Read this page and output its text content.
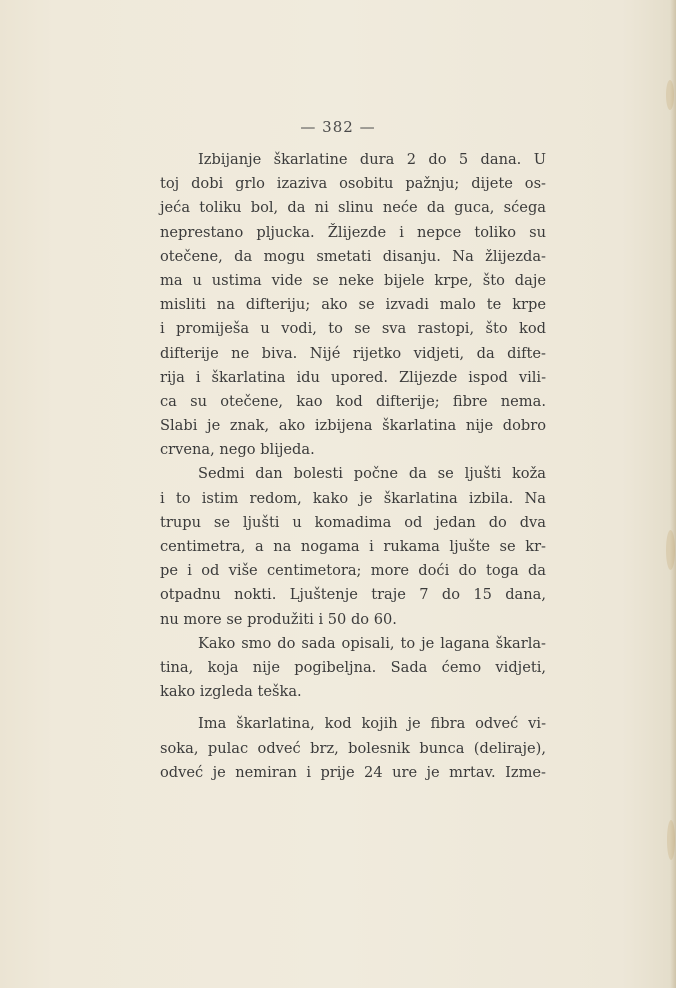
— 382 —
Izbijanje škarlatine dura 2 do 5 dana. U
toj dobi grlo izaziva osobitu pažnju; dijete os-
jeća toliku bol, da ni slinu neće da guca, sćega
neprestano pljucka. Žlijezde i nepce toliko su
otečene, da mogu smetati disanju. Na žlijezda-
ma u ustima vide se neke bijele krpe, što daje
misliti na difteriju; ako se izvadi malo te krpe
i promiješa u vodi, to se sva rastopi, što kod
difterije ne biva. Nijé rijetko vidjeti, da difte-
rija i škarlatina idu upored. Zlijezde ispod vili-
ca su otečene, kao kod difterije; fibre nema.
Slabi je znak, ako izbijena škarlatina nije dobro
crvena, nego blijeda.
Sedmi dan bolesti počne da se ljušti koža
i to istim redom, kako je škarlatina izbila. Na
trupu se ljušti u komadima od jedan do dva
centimetra, a na nogama i rukama ljušte se kr-
pe i od više centimetora; more doći do toga da
otpadnu nokti. Ljuštenje traje 7 do 15 dana,
nu more se produžiti i 50 do 60.
Kako smo do sada opisali, to je lagana škarla-
tina, koja nije pogibeljna. Sada ćemo vidjeti,
kako izgleda teška.
Ima škarlatina, kod kojih je fibra odveć vi-
soka, pulac odveć brz, bolesnik bunca (deliraje),
odveć je nemiran i prije 24 ure je mrtav. Izme-
